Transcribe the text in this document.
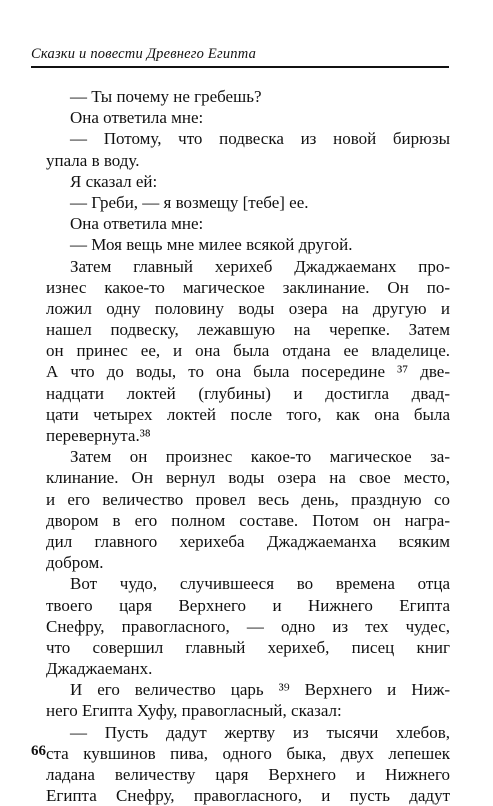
Сказки и повести Древнего Египта
— Ты почему не гребешь?
Она ответила мне:
— Потому, что подвеска из новой бирюзы
упала в воду.
Я сказал ей:
— Греби, — я возмещу [тебе] ее.
Она ответила мне:
— Моя вещь мне милее всякой другой.
Затем главный херихеб Джаджаеманх про-
изнес какое-то магическое заклинание. Он по-
ложил одну половину воды озера на другую и
нашел подвеску, лежавшую на черепке. Затем
он принес ее, и она была отдана ее владелице.
А что до воды, то она была посередине ³⁷ две-
надцати локтей (глубины) и достигла двад-
цати четырех локтей после того, как она была
перевернута.³⁸
Затем он произнес какое-то магическое за-
клинание. Он вернул воды озера на свое место,
и его величество провел весь день, праздную со
двором в его полном составе. Потом он награ-
дил главного херихеба Джаджаеманха всяким
добром.
Вот чудо, случившееся во времена отца
твоего царя Верхнего и Нижнего Египта
Снефру, правогласного, — одно из тех чудес,
что совершил главный херихеб, писец книг
Джаджаеманх.
И его величество царь ³⁹ Верхнего и Ниж-
него Египта Хуфу, правогласный, сказал:
— Пусть дадут жертву из тысячи хлебов,
ста кувшинов пива, одного быка, двух лепешек
ладана величеству царя Верхнего и Нижнего
Египта Снефру, правогласного, и пусть дадут
66
